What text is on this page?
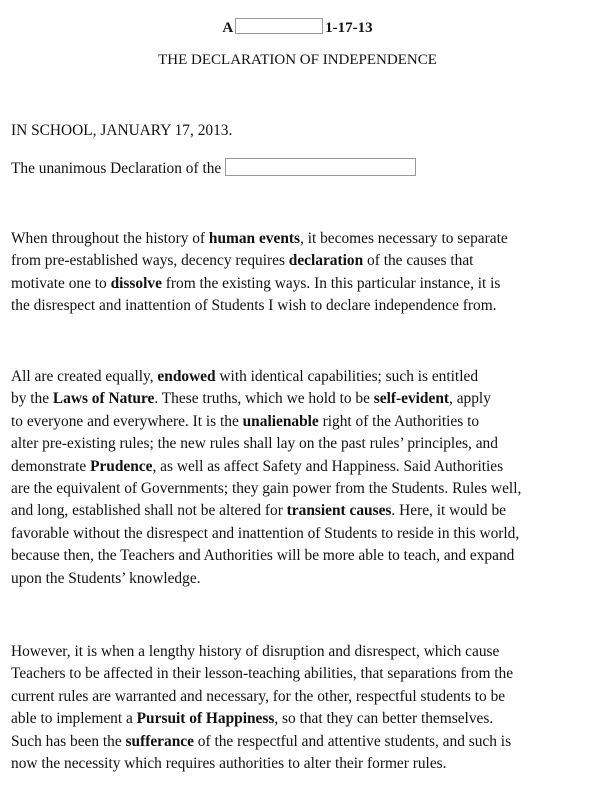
A	1-17-13
THE DECLARATION OF INDEPENDENCE
IN SCHOOL, JANUARY 17, 2013.
The unanimous Declaration of the

When throughout the history of human events, it becomes necessary to separate

from pre-established ways, decency requires declaration of the causes that

motivate one to dissolve from the existing ways. In this particular instance, it is

the disrespect and inattention of Students I wish to declare independence from.

All are created equally, endowed with identical capabilities; such is entitled

by the Laws of Nature. These truths, which we hold to be self-evident, apply

to everyone and everywhere. It is the unalienable right of the Authorities to

alter pre-existing rules; the new rules shall lay on the past rules’ principles, and

demonstrate Prudence, as well as affect Safety and Happiness. Said Authorities

are the equivalent of Governments; they gain power from the Students. Rules well,

and long, established shall not be altered for transient causes. Here, it would be

favorable without the disrespect and inattention of Students to reside in this world,

because then, the Teachers and Authorities will be more able to teach, and expand

upon the Students’ knowledge.

However, it is when a lengthy history of disruption and disrespect, which cause

Teachers to be affected in their lesson-teaching abilities, that separations from the

current rules are warranted and necessary, for the other, respectful students to be

able to implement a Pursuit of Happiness, so that they can better themselves.

Such has been the sufferance of the respectful and attentive students, and such is

now the necessity which requires authorities to alter their former rules.
